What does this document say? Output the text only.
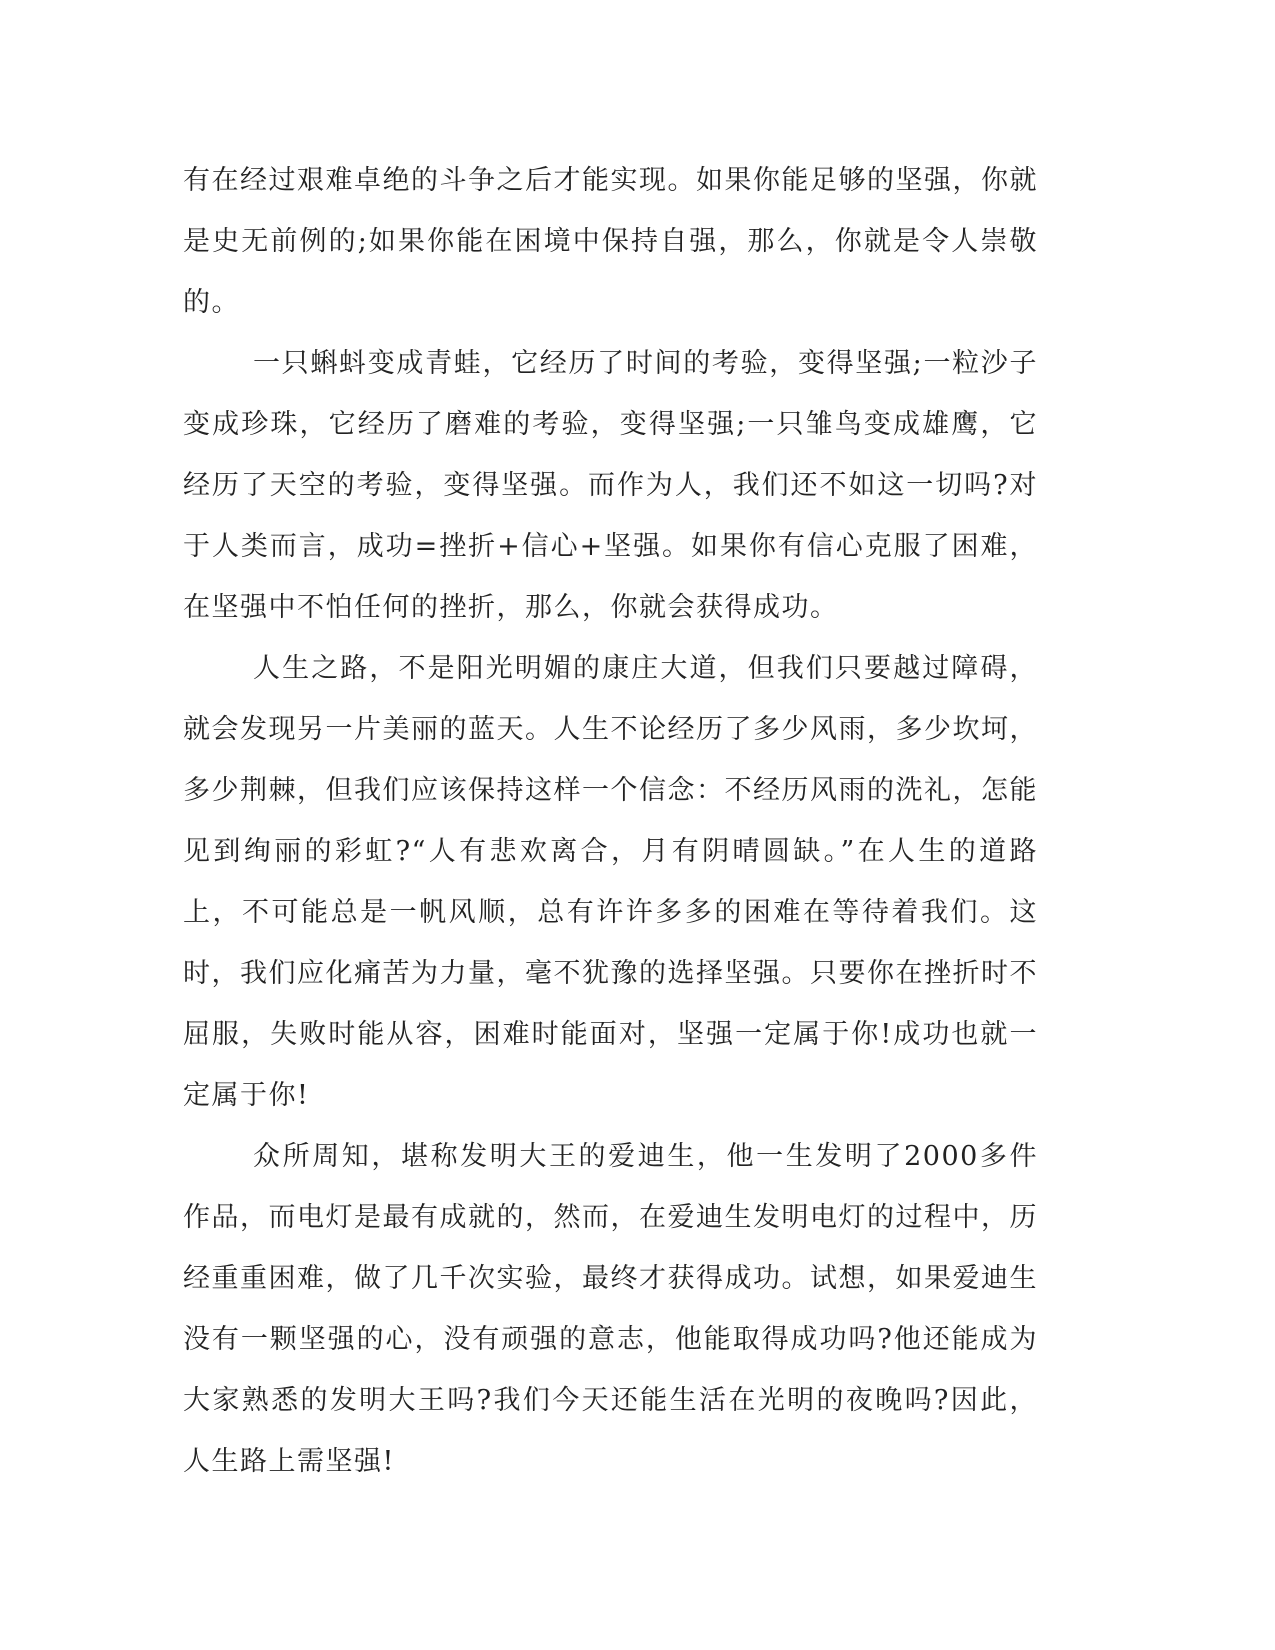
有在经过艰难卓绝的斗争之后才能实现。如果你能足够的坚强，你就是史无前例的;如果你能在困境中保持自强，那么，你就是令人崇敬的。

一只蝌蚪变成青蛙，它经历了时间的考验，变得坚强;一粒沙子变成珍珠，它经历了磨难的考验，变得坚强;一只雏鸟变成雄鹰，它经历了天空的考验，变得坚强。而作为人，我们还不如这一切吗?对于人类而言，成功=挫折+信心+坚强。如果你有信心克服了困难，在坚强中不怕任何的挫折，那么，你就会获得成功。

人生之路，不是阳光明媚的康庄大道，但我们只要越过障碍，就会发现另一片美丽的蓝天。人生不论经历了多少风雨，多少坎坷，多少荆棘，但我们应该保持这样一个信念：不经历风雨的洗礼，怎能见到绚丽的彩虹?“人有悲欢离合，月有阴晴圆缺。”在人生的道路上，不可能总是一帆风顺，总有许许多多的困难在等待着我们。这时，我们应化痛苦为力量，毫不犹豫的选择坚强。只要你在挫折时不屈服，失败时能从容，困难时能面对，坚强一定属于你!成功也就一定属于你!

众所周知，堪称发明大王的爱迪生，他一生发明了2000多件作品，而电灯是最有成就的，然而，在爱迪生发明电灯的过程中，历经重重困难，做了几千次实验，最终才获得成功。试想，如果爱迪生没有一颗坚强的心，没有顽强的意志，他能取得成功吗?他还能成为大家熟悉的发明大王吗?我们今天还能生活在光明的夜晚吗?因此，人生路上需坚强!
